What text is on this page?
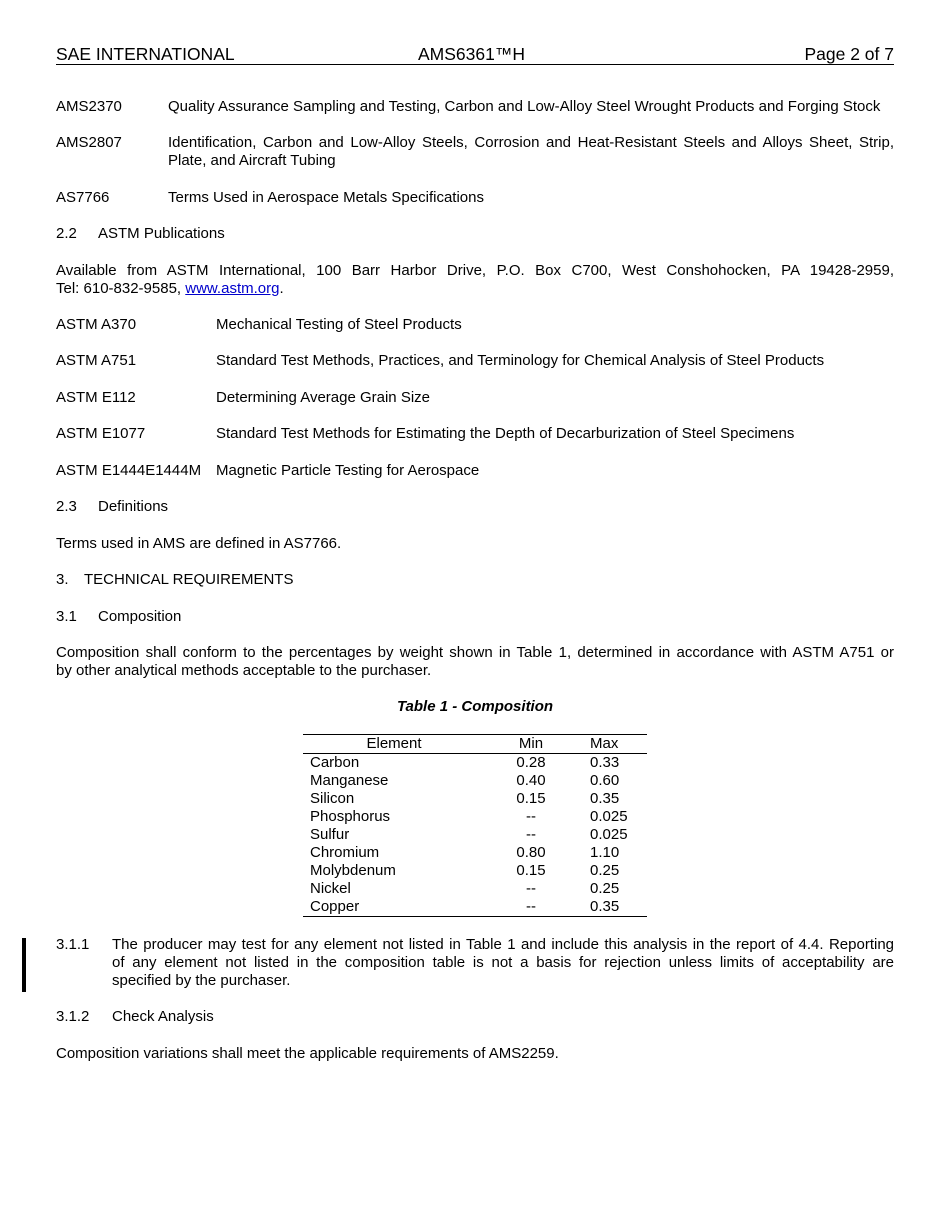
SAE INTERNATIONAL	AMS6361™H	Page 2 of 7
AMS2370	Quality Assurance Sampling and Testing, Carbon and Low-Alloy Steel Wrought Products and Forging Stock
AMS2807	Identification, Carbon and Low-Alloy Steels, Corrosion and Heat-Resistant Steels and Alloys Sheet, Strip,
Plate, and Aircraft Tubing
AS7766	Terms Used in Aerospace Metals Specifications
2.2 ASTM Publications
Available from ASTM International, 100 Barr Harbor Drive, P.O. Box C700, West Conshohocken, PA 19428-2959,
Tel: 610-832-9585, www.astm.org.
ASTM A370	Mechanical Testing of Steel Products
ASTM A751	Standard Test Methods, Practices, and Terminology for Chemical Analysis of Steel Products
ASTM E112	Determining Average Grain Size
ASTM E1077	Standard Test Methods for Estimating the Depth of Decarburization of Steel Specimens
ASTM E1444E1444M Magnetic Particle Testing for Aerospace
2.3 Definitions
Terms used in AMS are defined in AS7766.
3. TECHNICAL REQUIREMENTS
3.1 Composition
Composition shall conform to the percentages by weight shown in Table 1, determined in accordance with ASTM A751 or
by other analytical methods acceptable to the purchaser.
Table 1 - Composition
Element	Min	Max
Carbon	0.28	0.33
Manganese	0.40	0.60
Silicon	0.15	0.35
Phosphorus	--	0.025
Sulfur	--	0.025
Chromium	0.80	1.10
Molybdenum	0.15	0.25
Nickel	--	0.25
Copper	--	0.35
3.1.1 The producer may test for any element not listed in Table 1 and include this analysis in the report of 4.4. Reporting
of any element not listed in the composition table is not a basis for rejection unless limits of acceptability are
specified by the purchaser.
3.1.2 Check Analysis
Composition variations shall meet the applicable requirements of AMS2259.
